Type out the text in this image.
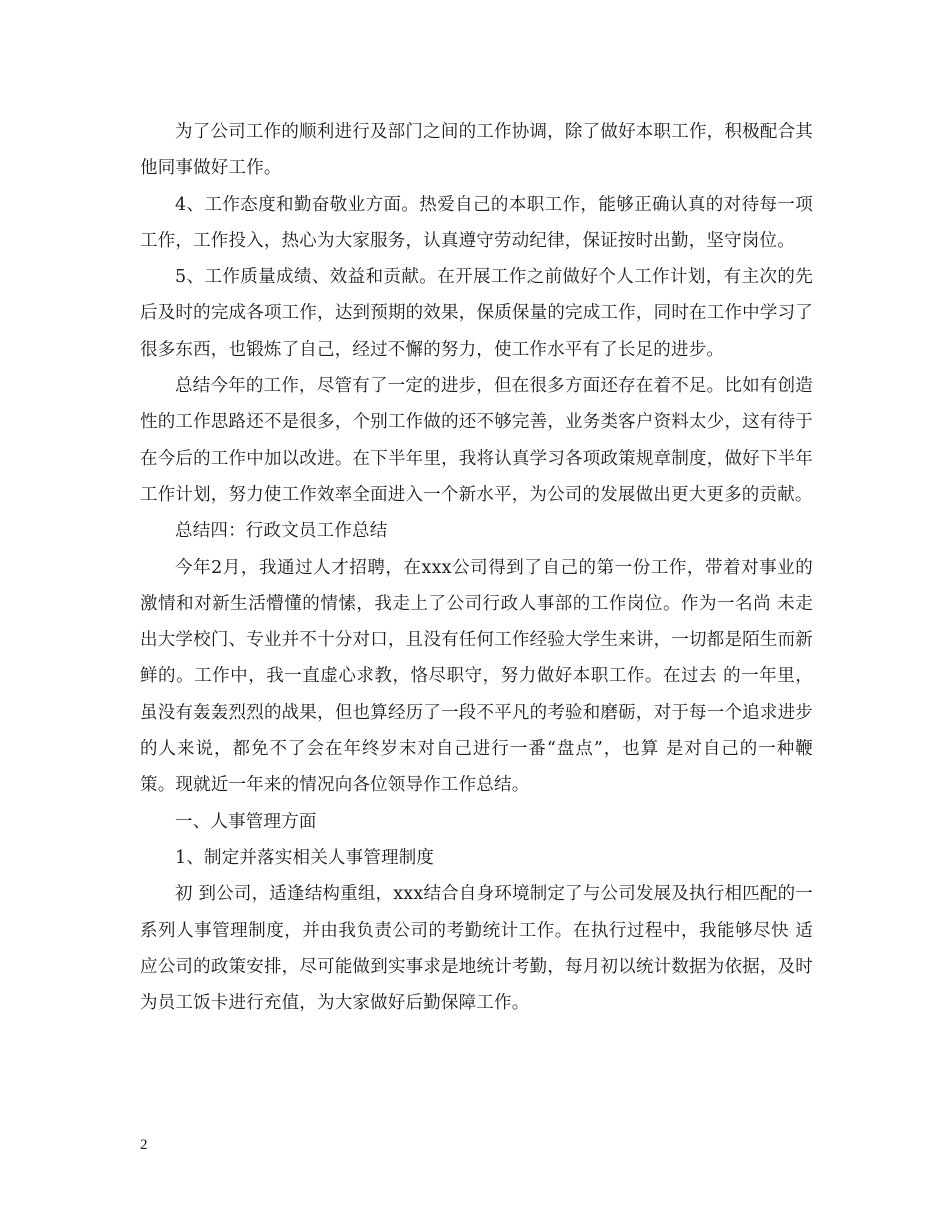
为了公司工作的顺利进行及部门之间的工作协调，除了做好本职工作，积极配合其他同事做好工作。

4、工作态度和勤奋敬业方面。热爱自己的本职工作，能够正确认真的对待每一项工作，工作投入，热心为大家服务，认真遵守劳动纪律，保证按时出勤，坚守岗位。

5、工作质量成绩、效益和贡献。在开展工作之前做好个人工作计划，有主次的先后及时的完成各项工作，达到预期的效果，保质保量的完成工作，同时在工作中学习了很多东西，也锻炼了自己，经过不懈的努力，使工作水平有了长足的进步。

总结今年的工作，尽管有了一定的进步，但在很多方面还存在着不足。比如有创造性的工作思路还不是很多，个别工作做的还不够完善，业务类客户资料太少，这有待于在今后的工作中加以改进。在下半年里，我将认真学习各项政策规章制度，做好下半年工作计划，努力使工作效率全面进入一个新水平，为公司的发展做出更大更多的贡献。

总结四：行政文员工作总结

今年2月，我通过人才招聘，在xxx公司得到了自己的第一份工作，带着对事业的激情和对新生活懵懂的情愫，我走上了公司行政人事部的工作岗位。作为一名尚 未走出大学校门、专业并不十分对口，且没有任何工作经验大学生来讲，一切都是陌生而新鲜的。工作中，我一直虚心求教，恪尽职守，努力做好本职工作。在过去 的一年里，虽没有轰轰烈烈的战果，但也算经历了一段不平凡的考验和磨砺，对于每一个追求进步的人来说，都免不了会在年终岁末对自己进行一番“盘点”，也算 是对自己的一种鞭策。现就近一年来的情况向各位领导作工作总结。

一、人事管理方面

1、制定并落实相关人事管理制度

初 到公司，适逢结构重组，xxx结合自身环境制定了与公司发展及执行相匹配的一系列人事管理制度，并由我负责公司的考勤统计工作。在执行过程中，我能够尽快 适应公司的政策安排，尽可能做到实事求是地统计考勤，每月初以统计数据为依据，及时为员工饭卡进行充值，为大家做好后勤保障工作。

2
